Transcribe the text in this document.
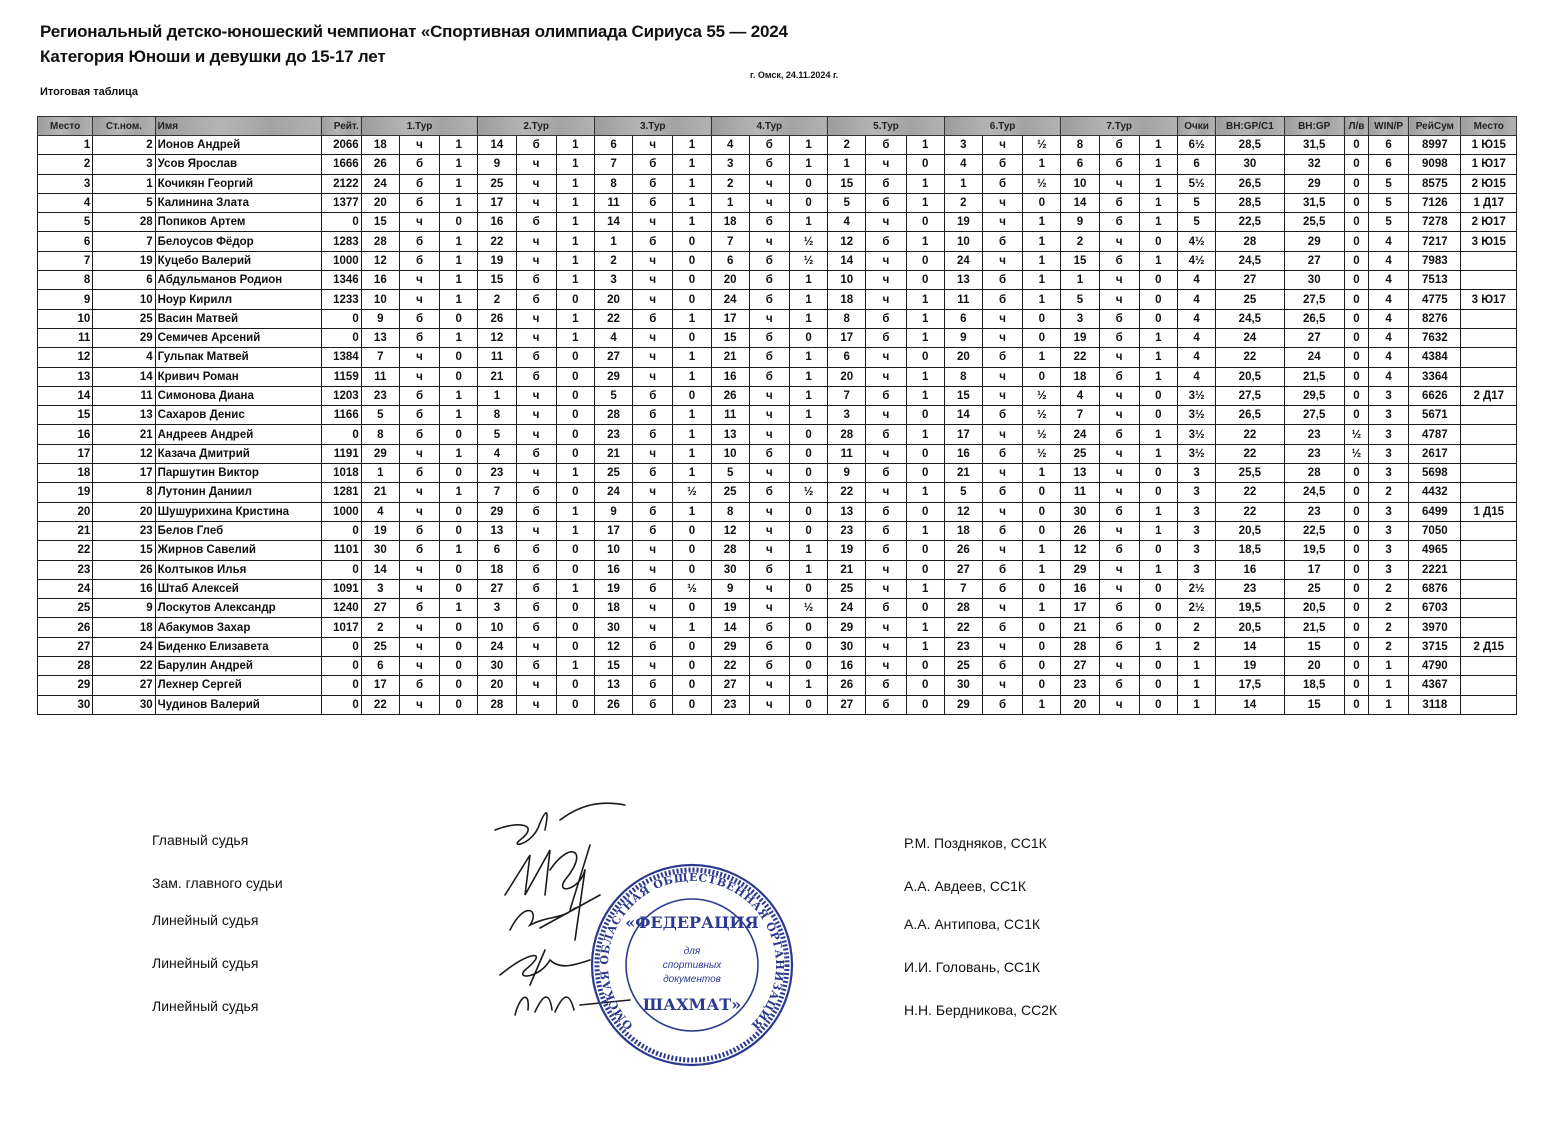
Региональный детско-юношеский чемпионат «Спортивная олимпиада Сириуса 55 — 2024
Категория Юноши и девушки до 15-17 лет
г. Омск, 24.11.2024 г.
Итоговая таблица
Место	Ст.ном.	Имя	Рейт.	1.Тур			2.Тур			3.Тур			4.Тур			5.Тур			6.Тур			7.Тур			Очки	BH:GP/C1	BH:GP	Л/в	WIN/P	РейСум	Место
1	2	Ионов Андрей	2066	18	ч	1	14	б	1	6	ч	1	4	б	1	2	б	1	3	ч	½	8	б	1	6½	28,5	31,5	0	6	8997	1 Ю15
2	3	Усов Ярослав	1666	26	б	1	9	ч	1	7	б	1	3	б	1	1	ч	0	4	б	1	6	б	1	6	30	32	0	6	9098	1 Ю17
3	1	Кочикян Георгий	2122	24	б	1	25	ч	1	8	б	1	2	ч	0	15	б	1	1	б	½	10	ч	1	5½	26,5	29	0	5	8575	2 Ю15
4	5	Калинина Злата	1377	20	б	1	17	ч	1	11	б	1	1	ч	0	5	б	1	2	ч	0	14	б	1	5	28,5	31,5	0	5	7126	1 Д17
5	28	Попиков Артем	0	15	ч	0	16	б	1	14	ч	1	18	б	1	4	ч	0	19	ч	1	9	б	1	5	22,5	25,5	0	5	7278	2 Ю17
6	7	Белоусов Фёдор	1283	28	б	1	22	ч	1	1	б	0	7	ч	½	12	б	1	10	б	1	2	ч	0	4½	28	29	0	4	7217	3 Ю15
7	19	Куцебо Валерий	1000	12	б	1	19	ч	1	2	ч	0	6	б	½	14	ч	0	24	ч	1	15	б	1	4½	24,5	27	0	4	7983	
8	6	Абдульманов Родион	1346	16	ч	1	15	б	1	3	ч	0	20	б	1	10	ч	0	13	б	1	1	ч	0	4	27	30	0	4	7513	
9	10	Ноур Кирилл	1233	10	ч	1	2	б	0	20	ч	0	24	б	1	18	ч	1	11	б	1	5	ч	0	4	25	27,5	0	4	4775	3 Ю17
10	25	Васин Матвей	0	9	б	0	26	ч	1	22	б	1	17	ч	1	8	б	1	6	ч	0	3	б	0	4	24,5	26,5	0	4	8276	
11	29	Семичев Арсений	0	13	б	1	12	ч	1	4	ч	0	15	б	0	17	б	1	9	ч	0	19	б	1	4	24	27	0	4	7632	
12	4	Гульпак Матвей	1384	7	ч	0	11	б	0	27	ч	1	21	б	1	6	ч	0	20	б	1	22	ч	1	4	22	24	0	4	4384	
13	14	Кривич Роман	1159	11	ч	0	21	б	0	29	ч	1	16	б	1	20	ч	1	8	ч	0	18	б	1	4	20,5	21,5	0	4	3364	
14	11	Симонова Диана	1203	23	б	1	1	ч	0	5	б	0	26	ч	1	7	б	1	15	ч	½	4	ч	0	3½	27,5	29,5	0	3	6626	2 Д17
15	13	Сахаров Денис	1166	5	б	1	8	ч	0	28	б	1	11	ч	1	3	ч	0	14	б	½	7	ч	0	3½	26,5	27,5	0	3	5671	
16	21	Андреев Андрей	0	8	б	0	5	ч	0	23	б	1	13	ч	0	28	б	1	17	ч	½	24	б	1	3½	22	23	½	3	4787	
17	12	Казача Дмитрий	1191	29	ч	1	4	б	0	21	ч	1	10	б	0	11	ч	0	16	б	½	25	ч	1	3½	22	23	½	3	2617	
18	17	Паршутин Виктор	1018	1	б	0	23	ч	1	25	б	1	5	ч	0	9	б	0	21	ч	1	13	ч	0	3	25,5	28	0	3	5698	
19	8	Лутонин Даниил	1281	21	ч	1	7	б	0	24	ч	½	25	б	½	22	ч	1	5	б	0	11	ч	0	3	22	24,5	0	2	4432	
20	20	Шушурихина Кристина	1000	4	ч	0	29	б	1	9	б	1	8	ч	0	13	б	0	12	ч	0	30	б	1	3	22	23	0	3	6499	1 Д15
21	23	Белов Глеб	0	19	б	0	13	ч	1	17	б	0	12	ч	0	23	б	1	18	б	0	26	ч	1	3	20,5	22,5	0	3	7050	
22	15	Жирнов Савелий	1101	30	б	1	6	б	0	10	ч	0	28	ч	1	19	б	0	26	ч	1	12	б	0	3	18,5	19,5	0	3	4965	
23	26	Колтыков Илья	0	14	ч	0	18	б	0	16	ч	0	30	б	1	21	ч	0	27	б	1	29	ч	1	3	16	17	0	3	2221	
24	16	Штаб Алексей	1091	3	ч	0	27	б	1	19	б	½	9	ч	0	25	ч	1	7	б	0	16	ч	0	2½	23	25	0	2	6876	
25	9	Лоскутов Александр	1240	27	б	1	3	б	0	18	ч	0	19	ч	½	24	б	0	28	ч	1	17	б	0	2½	19,5	20,5	0	2	6703	
26	18	Абакумов Захар	1017	2	ч	0	10	б	0	30	ч	1	14	б	0	29	ч	1	22	б	0	21	б	0	2	20,5	21,5	0	2	3970	
27	24	Биденко Елизавета	0	25	ч	0	24	ч	0	12	б	0	29	б	0	30	ч	1	23	ч	0	28	б	1	2	14	15	0	2	3715	2 Д15
28	22	Барулин Андрей	0	6	ч	0	30	б	1	15	ч	0	22	б	0	16	ч	0	25	б	0	27	ч	0	1	19	20	0	1	4790	
29	27	Лехнер Сергей	0	17	б	0	20	ч	0	13	б	0	27	ч	1	26	б	0	30	ч	0	23	б	0	1	17,5	18,5	0	1	4367	
30	30	Чудинов Валерий	0	22	ч	0	28	ч	0	26	б	0	23	ч	0	27	б	0	29	б	1	20	ч	0	1	14	15	0	1	3118	
Главный судья
Зам. главного судьи
Линейный судья
Линейный судья
Линейный судья
Р.М. Поздняков, СС1К
А.А. Авдеев, СС1К
А.А. Антипова, СС1К
И.И. Головань, СС1К
Н.Н. Бердникова, СС2К
ОМСКАЯ ОБЛАСТНАЯ ОБЩЕСТВЕННАЯ ОРГАНИЗАЦИЯ
«ФЕДЕРАЦИЯ
для спортивных документов
ШАХМАТ»
